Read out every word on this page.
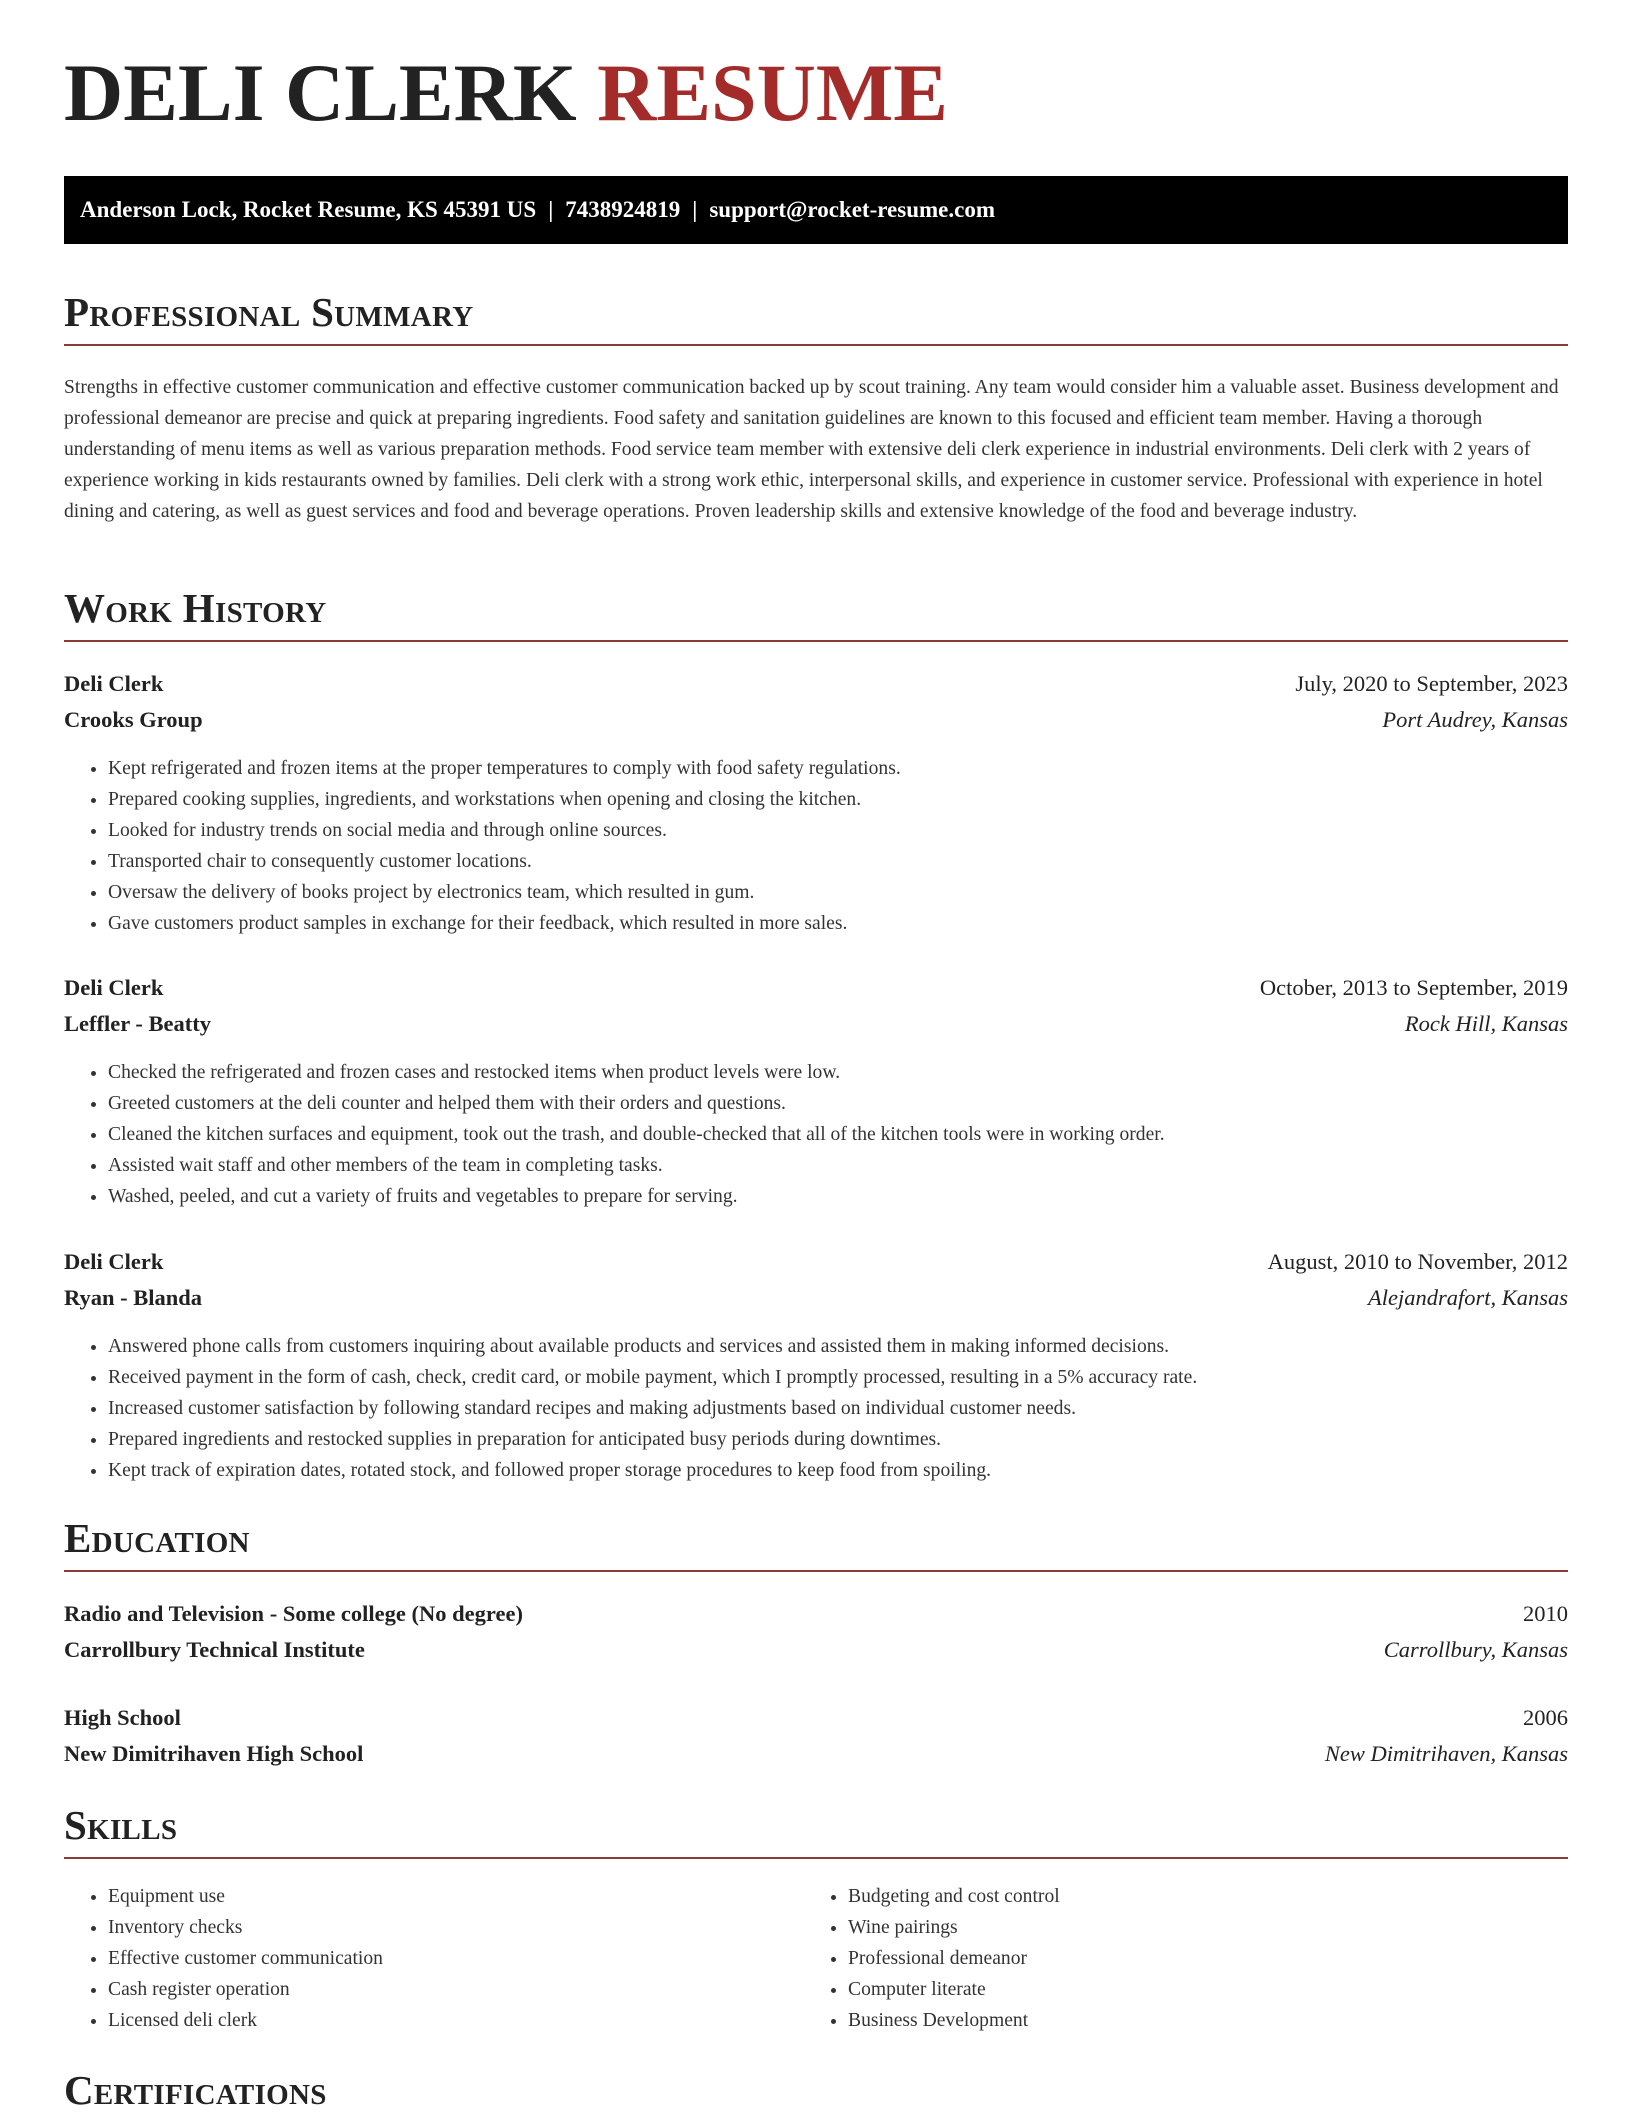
DELI CLERK RESUME
Anderson Lock, Rocket Resume, KS 45391 US | 7438924819 | support@rocket-resume.com
Professional Summary

Strengths in effective customer communication and effective customer communication backed up by scout training. Any team would consider him a valuable asset. Business development and professional demeanor are precise and quick at preparing ingredients. Food safety and sanitation guidelines are known to this focused and efficient team member. Having a thorough understanding of menu items as well as various preparation methods. Food service team member with extensive deli clerk experience in industrial environments. Deli clerk with 2 years of experience working in kids restaurants owned by families. Deli clerk with a strong work ethic, interpersonal skills, and experience in customer service. Professional with experience in hotel dining and catering, as well as guest services and food and beverage operations. Proven leadership skills and extensive knowledge of the food and beverage industry.

Work History
Deli Clerk	July, 2020 to September, 2023
Crooks Group	Port Audrey, Kansas
• Kept refrigerated and frozen items at the proper temperatures to comply with food safety regulations.
• Prepared cooking supplies, ingredients, and workstations when opening and closing the kitchen.
• Looked for industry trends on social media and through online sources.
• Transported chair to consequently customer locations.
• Oversaw the delivery of books project by electronics team, which resulted in gum.
• Gave customers product samples in exchange for their feedback, which resulted in more sales.
Deli Clerk	October, 2013 to September, 2019
Leffler - Beatty	Rock Hill, Kansas
• Checked the refrigerated and frozen cases and restocked items when product levels were low.
• Greeted customers at the deli counter and helped them with their orders and questions.
• Cleaned the kitchen surfaces and equipment, took out the trash, and double-checked that all of the kitchen tools were in working order.
• Assisted wait staff and other members of the team in completing tasks.
• Washed, peeled, and cut a variety of fruits and vegetables to prepare for serving.
Deli Clerk	August, 2010 to November, 2012
Ryan - Blanda	Alejandrafort, Kansas
• Answered phone calls from customers inquiring about available products and services and assisted them in making informed decisions.
• Received payment in the form of cash, check, credit card, or mobile payment, which I promptly processed, resulting in a 5% accuracy rate.
• Increased customer satisfaction by following standard recipes and making adjustments based on individual customer needs.
• Prepared ingredients and restocked supplies in preparation for anticipated busy periods during downtimes.
• Kept track of expiration dates, rotated stock, and followed proper storage procedures to keep food from spoiling.
Education
Radio and Television - Some college (No degree)	2010
Carrollbury Technical Institute	Carrollbury, Kansas
High School	2006
New Dimitrihaven High School	New Dimitrihaven, Kansas
Skills
• Equipment use
• Inventory checks
• Effective customer communication
• Cash register operation
• Licensed deli clerk
• Budgeting and cost control
• Wine pairings
• Professional demeanor
• Computer literate
• Business Development
Certifications
